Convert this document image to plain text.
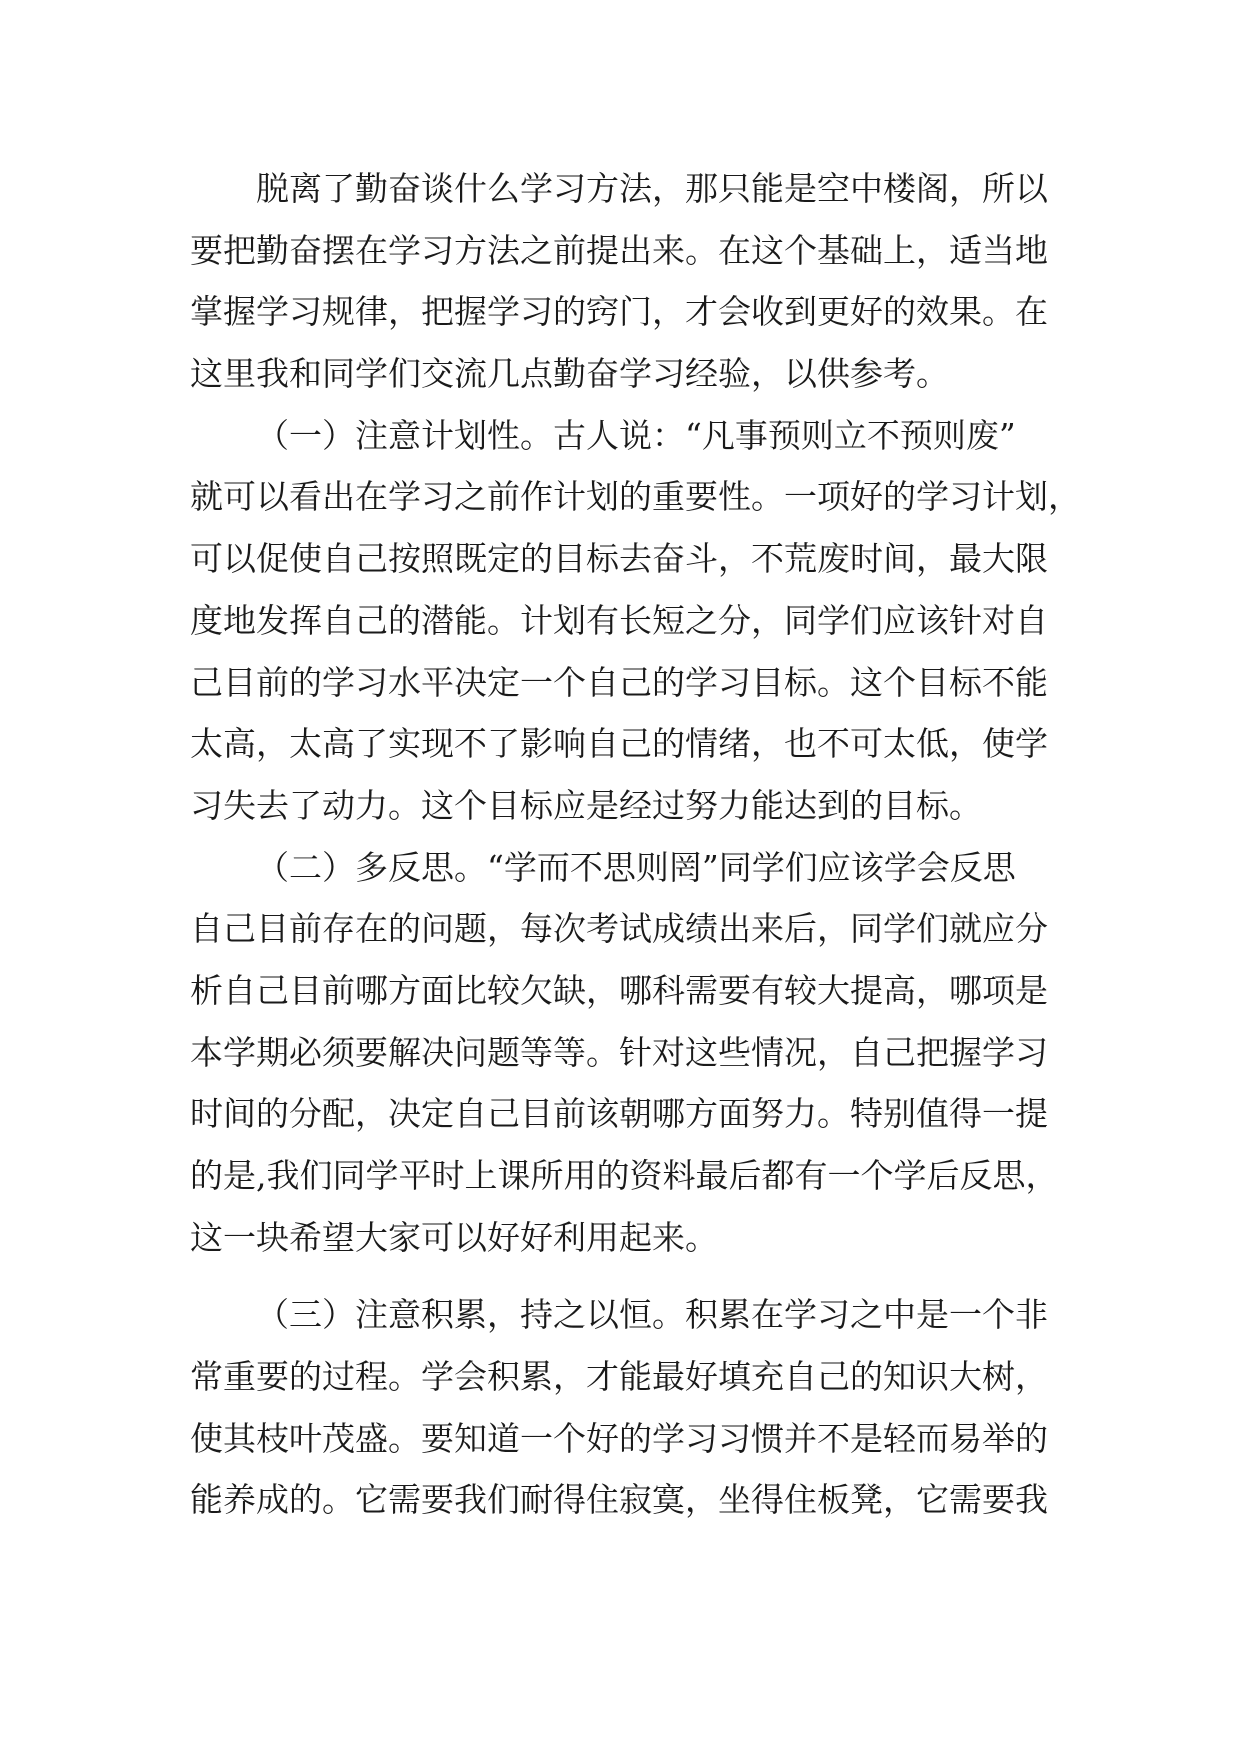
脱离了勤奋谈什么学习方法，那只能是空中楼阁，所以
要把勤奋摆在学习方法之前提出来。在这个基础上，适当地
掌握学习规律，把握学习的窍门，才会收到更好的效果。在
这里我和同学们交流几点勤奋学习经验，以供参考。
（一）注意计划性。古人说：“凡事预则立不预则废”
就可以看出在学习之前作计划的重要性。一项好的学习计划，
可以促使自己按照既定的目标去奋斗，不荒废时间，最大限
度地发挥自己的潜能。计划有长短之分，同学们应该针对自
己目前的学习水平决定一个自己的学习目标。这个目标不能
太高，太高了实现不了影响自己的情绪，也不可太低，使学
习失去了动力。这个目标应是经过努力能达到的目标。
（二）多反思。“学而不思则罔”同学们应该学会反思
自己目前存在的问题，每次考试成绩出来后，同学们就应分
析自己目前哪方面比较欠缺，哪科需要有较大提高，哪项是
本学期必须要解决问题等等。针对这些情况，自己把握学习
时间的分配，决定自己目前该朝哪方面努力。特别值得一提
的是,我们同学平时上课所用的资料最后都有一个学后反思，
这一块希望大家可以好好利用起来。
（三）注意积累，持之以恒。积累在学习之中是一个非
常重要的过程。学会积累，才能最好填充自己的知识大树，
使其枝叶茂盛。要知道一个好的学习习惯并不是轻而易举的
能养成的。它需要我们耐得住寂寞，坐得住板凳，它需要我
